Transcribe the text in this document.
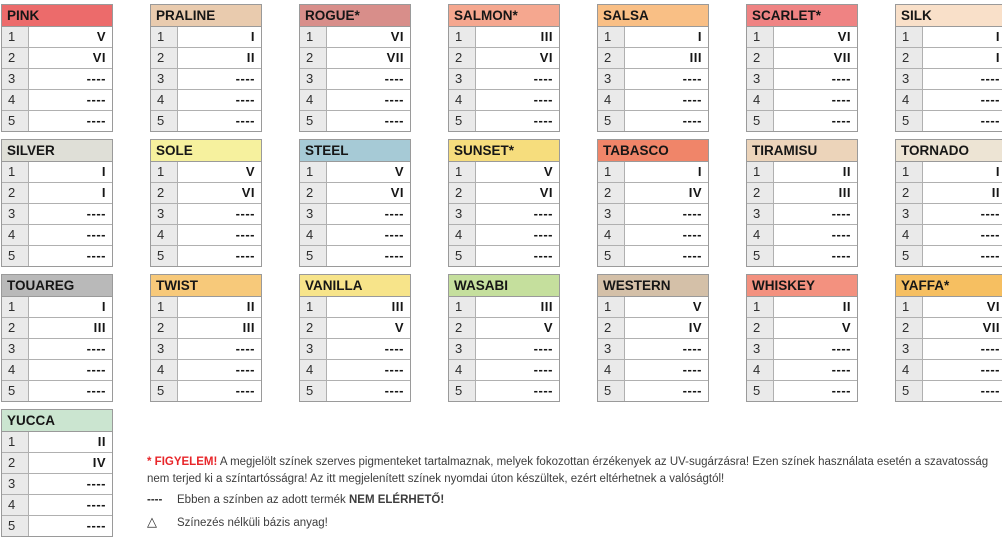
PINK
1	V
2	VI
3	----
4	----
5	----
PRALINE
1	I
2	II
3	----
4	----
5	----
ROGUE*
1	VI
2	VII
3	----
4	----
5	----
SALMON*
1	III
2	VI
3	----
4	----
5	----
SALSA
1	I
2	III
3	----
4	----
5	----
SCARLET*
1	VI
2	VII
3	----
4	----
5	----
SILK
1	I
2	I
3	----
4	----
5	----
SILVER
1	I
2	I
3	----
4	----
5	----
SOLE
1	V
2	VI
3	----
4	----
5	----
STEEL
1	V
2	VI
3	----
4	----
5	----
SUNSET*
1	V
2	VI
3	----
4	----
5	----
TABASCO
1	I
2	IV
3	----
4	----
5	----
TIRAMISU
1	II
2	III
3	----
4	----
5	----
TORNADO
1	I
2	II
3	----
4	----
5	----
TOUAREG
1	I
2	III
3	----
4	----
5	----
TWIST
1	II
2	III
3	----
4	----
5	----
VANILLA
1	III
2	V
3	----
4	----
5	----
WASABI
1	III
2	V
3	----
4	----
5	----
WESTERN
1	V
2	IV
3	----
4	----
5	----
WHISKEY
1	II
2	V
3	----
4	----
5	----
YAFFA*
1	VI
2	VII
3	----
4	----
5	----
YUCCA
1	II
2	IV
3	----
4	----
5	----
* FIGYELEM! A megjelölt színek szerves pigmenteket tartalmaznak, melyek fokozottan érzékenyek az UV-sugárzásra! Ezen színek használata esetén a szavatosság nem terjed ki a színtartósságra! Az itt megjelenített színek nyomdai úton készültek, ezért eltérhetnek a valóságtól!
----	Ebben a színben az adott termék NEM ELÉRHETŐ!
△	Színezés nélküli bázis anyag!
